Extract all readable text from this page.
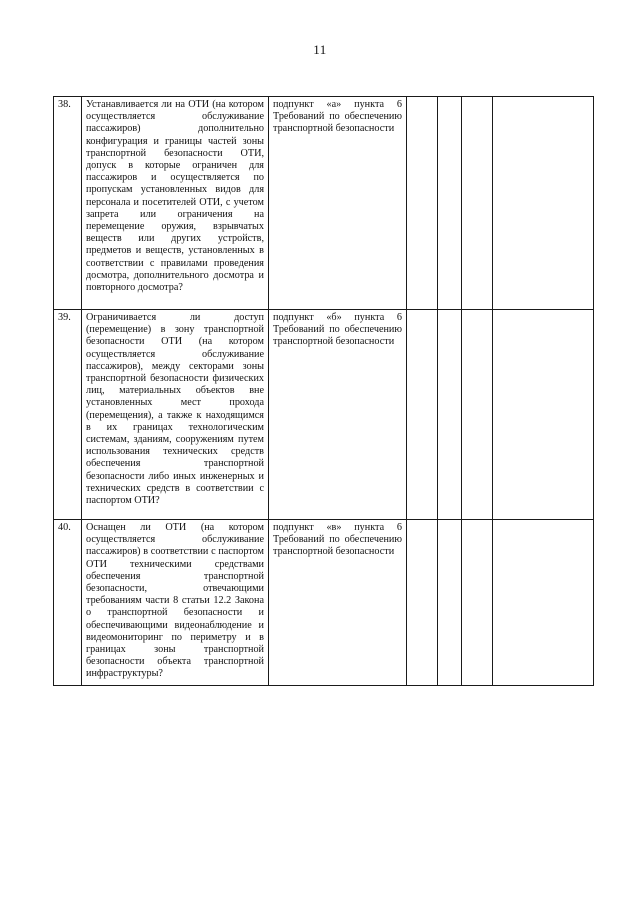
11
38.	Устанавливается ли на ОТИ (на котором осуществляется обслуживание пассажиров) дополнительно конфигурация и границы частей зоны транспортной безопасности ОТИ, допуск в которые ограничен для пассажиров и осуществляется по пропускам установленных видов для персонала и посетителей ОТИ, с учетом запрета или ограничения на перемещение оружия, взрывчатых веществ или других устройств, предметов и веществ, установленных в соответствии с правилами проведения досмотра, дополнительного досмотра и повторного досмотра?	подпункт «а» пункта 6 Требований по обеспечению транспортной безопасности				
39.	Ограничивается ли доступ (перемещение) в зону транспортной безопасности ОТИ (на котором осуществляется обслуживание пассажиров), между секторами зоны транспортной безопасности физических лиц, материальных объектов вне установленных мест прохода (перемещения), а также к находящимся в их границах технологическим системам, зданиям, сооружениям путем использования технических средств обеспечения транспортной безопасности либо иных инженерных и технических средств в соответствии с паспортом ОТИ?	подпункт «б» пункта 6 Требований по обеспечению транспортной безопасности				
40.	Оснащен ли ОТИ (на котором осуществляется обслуживание пассажиров) в соответствии с паспортом ОТИ техническими средствами обеспечения транспортной безопасности, отвечающими требованиям части 8 статьи 12.2 Закона о транспортной безопасности и обеспечивающими видеонаблюдение и видеомониторинг по периметру и в границах зоны транспортной безопасности объекта транспортной инфраструктуры?	подпункт «в» пункта 6 Требований по обеспечению транспортной безопасности				
